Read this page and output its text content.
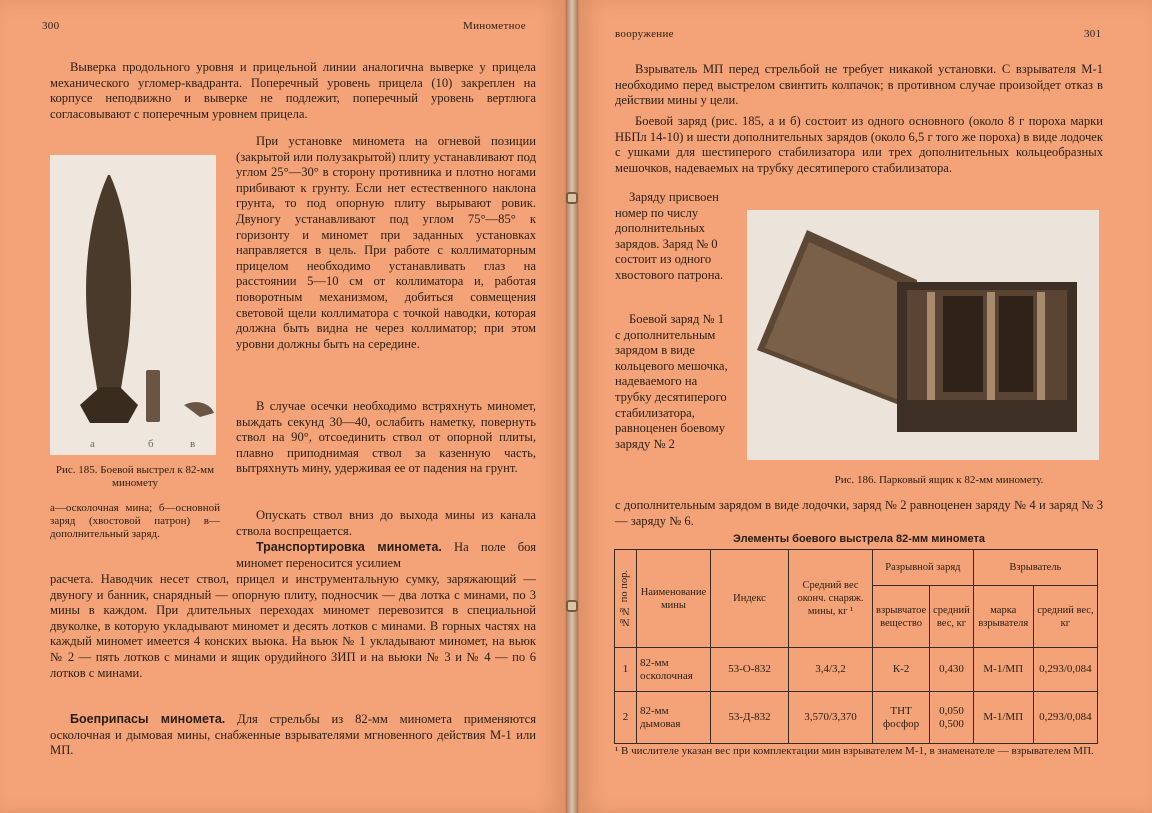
300	Минометное
Выверка продольного уровня и прицельной линии аналогична выверке у прицела механического угломер-квадранта. Поперечный уровень прицела (10) закреплен на корпусе неподвижно и выверке не подлежит, поперечный уровень вертлюга согласовывают с поперечным уровнем прицела.
а	б	в
Рис. 185. Боевой выстрел к 82-мм миномету
а—осколочная мина; б—основной заряд (хвостовой патрон) в—дополнительный заряд.
При установке миномета на огневой позиции (закрытой или полузакрытой) плиту устанавливают под углом 25°—30° в сторону противника и плотно ногами прибивают к грунту. Если нет естественного наклона грунта, то под опорную плиту вырывают ровик. Двуногу устанавливают под углом 75°—85° к горизонту и миномет при заданных установках направляется в цель. При работе с коллиматорным прицелом необходимо устанавливать глаз на расстоянии 5—10 см от коллиматора и, работая поворотным механизмом, добиться совмещения световой щели коллиматора с точкой наводки, которая должна быть видна не через коллиматор; при этом уровни должны быть на середине.
В случае осечки необходимо встряхнуть миномет, выждать секунд 30—40, ослабить наметку, повернуть ствол на 90°, отсоединить ствол от опорной плиты, плавно приподнимая ствол за казенную часть, вытряхнуть мину, удерживая ее от падения на грунт.
Опускать ствол вниз до выхода мины из канала ствола воспрещается.
Транспортировка миномета. На поле боя миномет переносится усилием
расчета. Наводчик несет ствол, прицел и инструментальную сумку, заряжающий — двуногу и банник, снарядный — опорную плиту, подносчик — два лотка с минами, по 3 мины в каждом. При длительных переходах миномет перевозится в специальной двуколке, в которую укладывают миномет и десять лотков с минами. В горных частях на каждый миномет имеется 4 конских вьюка. На вьюк № 1 укладывают миномет, на вьюк № 2 — пять лотков с минами и ящик орудийного ЗИП и на вьюки № 3 и № 4 — по 6 лотков с минами.
Боеприпасы миномета. Для стрельбы из 82-мм миномета применяются осколочная и дымовая мины, снабженные взрывателями мгновенного действия М-1 или МП.
вооружение	301
Взрыватель МП перед стрельбой не требует никакой установки. С взрывателя М-1 необходимо перед выстрелом свинтить колпачок; в противном случае произойдет отказ в действии мины у цели.
Боевой заряд (рис. 185, а и б) состоит из одного основного (около 8 г пороха марки НБПл 14-10) и шести дополнительных зарядов (около 6,5 г того же пороха) в виде лодочек с ушками для шестиперого стабилизатора или трех дополнительных кольцеобразных мешочков, надеваемых на трубку десятиперого стабилизатора.
Заряду присвоен номер по числу дополнительных зарядов. Заряд № 0 состоит из одного хвостового патрона.
Боевой заряд № 1 с дополнительным зарядом в виде кольцевого мешочка, надеваемого на трубку десятиперого стабилизатора, равноценен боевому заряду № 2
с дополнительным зарядом в виде лодочки, заряд № 2 равноценен заряду № 4 и заряд № 3 — заряду № 6.
Рис. 186. Парковый ящик к 82-мм миномету.
Элементы боевого выстрела 82-мм миномета
¹ В числителе указан вес при комплектации мин взрывателем М-1, в знаменателе — взрывателем МП.
№№ по пор.	Наименование мины	Индекс	Средний вес оконч. снаряж. мины, кг ¹	Разрывной заряд		Взрыватель	
				взрывчатое вещество	средний вес, кг	марка взрывателя	средний вес, кг
1	82-мм осколочная	53-О-832	3,4/3,2	К-2	0,430	М-1/МП	0,293/0,084
2	82-мм дымовая	53-Д-832	3,570/3,370	ТНТ фосфор	0,050 0,500	М-1/МП	0,293/0,084
